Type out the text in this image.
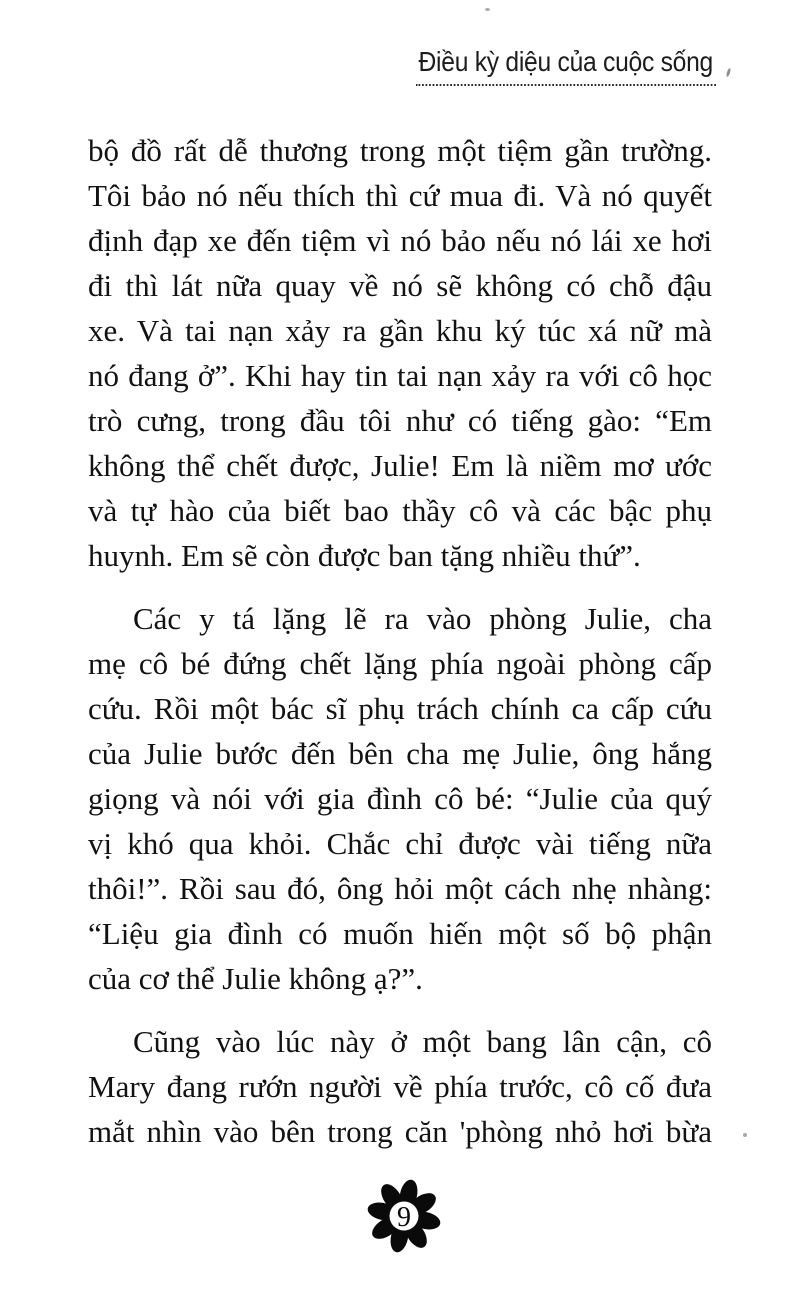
Điều kỳ diệu của cuộc sống
bộ đồ rất dễ thương trong một tiệm gần trường.
Tôi bảo nó nếu thích thì cứ mua đi. Và nó quyết
định đạp xe đến tiệm vì nó bảo nếu nó lái xe hơi
đi thì lát nữa quay về nó sẽ không có chỗ đậu
xe. Và tai nạn xảy ra gần khu ký túc xá nữ mà
nó đang ở”. Khi hay tin tai nạn xảy ra với cô học
trò cưng, trong đầu tôi như có tiếng gào: “Em
không thể chết được, Julie! Em là niềm mơ ước
và tự hào của biết bao thầy cô và các bậc phụ
huynh. Em sẽ còn được ban tặng nhiều thứ”.
Các y tá lặng lẽ ra vào phòng Julie, cha
mẹ cô bé đứng chết lặng phía ngoài phòng cấp
cứu. Rồi một bác sĩ phụ trách chính ca cấp cứu
của Julie bước đến bên cha mẹ Julie, ông hắng
giọng và nói với gia đình cô bé: “Julie của quý
vị khó qua khỏi. Chắc chỉ được vài tiếng nữa
thôi!”. Rồi sau đó, ông hỏi một cách nhẹ nhàng:
“Liệu gia đình có muốn hiến một số bộ phận
của cơ thể Julie không ạ?”.
Cũng vào lúc này ở một bang lân cận, cô
Mary đang rướn người về phía trước, cô cố đưa
mắt nhìn vào bên trong căn 'phòng nhỏ hơi bừa
9
